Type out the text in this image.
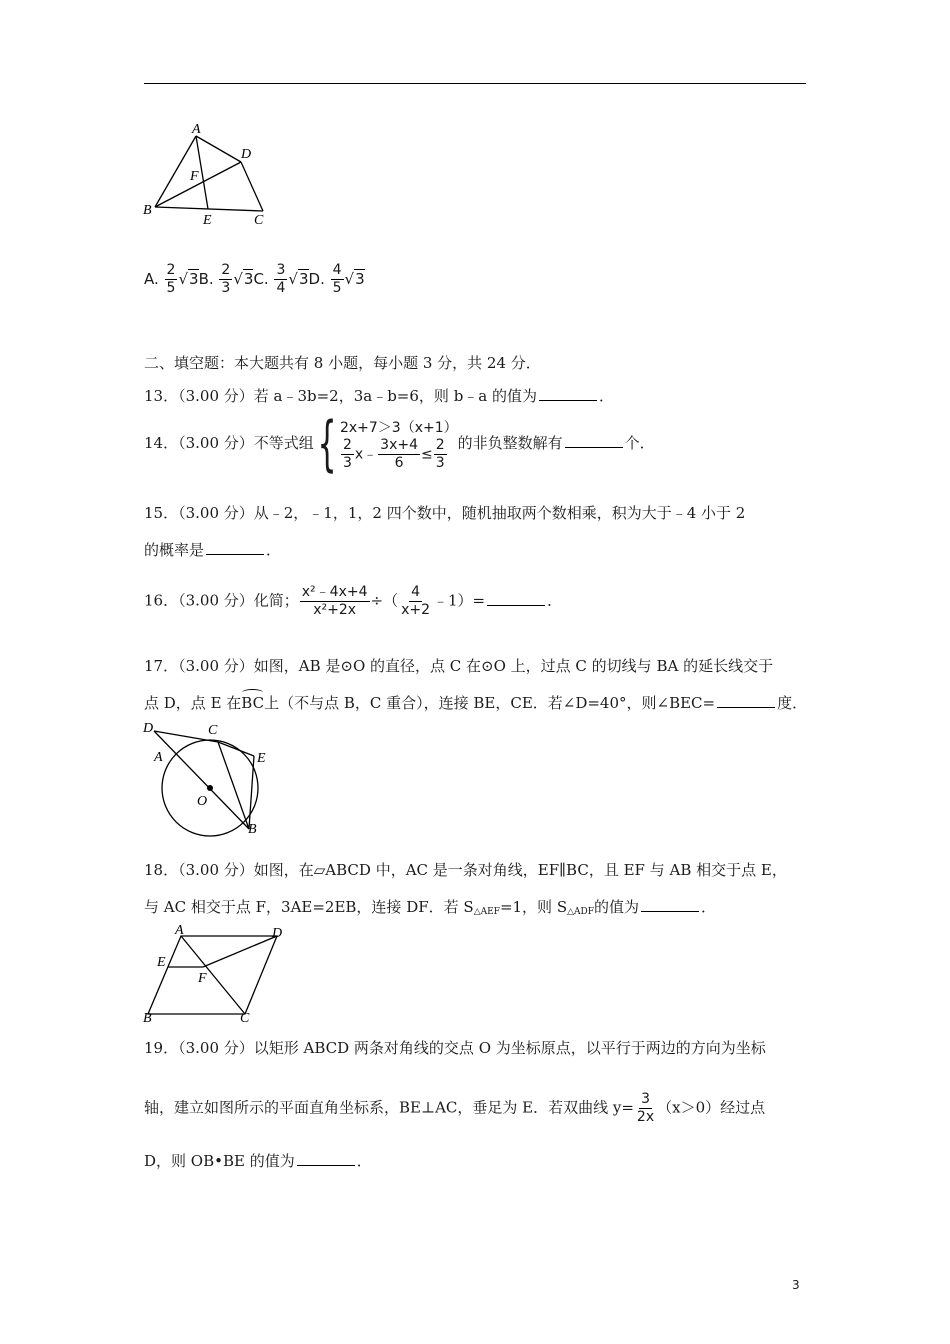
A
D
F
B
E	C
A. $\frac{2}{5} √3B$. $\frac{2}{3} √3C$. $\frac{3}{4} √3D$. $\frac{4}{5} √3$
二、填空题：本大题共有 8 小题，每小题 3 分，共 24 分．
13．（3.00 分）若 a﹣3b=2，3a﹣b=6，则 b﹣a 的值为	．
14．（3.00 分）不等式组{ 2x+7＞3（x+1）
$\frac{2}{3}$ x﹣ $\frac{3x+4}{6} \le \frac{2}{3}$ 的非负整数解有	个．
15．（3.00 分）从﹣2，﹣1，1，2 四个数中，随机抽取两个数相乘，积为大于﹣4 小于 2
的概率是	．
16．（3.00 分）化简； $\frac{\text{x²﹣4x+4}}{\text{x²+2x}}$ ÷（ $\frac{4}{x+2}$ ﹣1）=	．
17．（3.00 分）如图，AB 是⊙O 的直径，点 C 在⊙O 上，过点 C 的切线与 BA 的延长线交于
点 D，点 E 在BC上（不与点 B，C 重合），连接 BE，CE．若∠D=40°，则∠BEC=	度．
D	C
A	E
O
B
18．（3.00 分）如图，在▱ABCD 中，AC 是一条对角线，EF∥BC，且 EF 与 AB 相交于点 E，
与 AC 相交于点 F，3AE=2EB，连接 DF．若 $S_{\triangle AEF}=1$，则 $S_{\triangle ADF}$的值为	．
A	D
E
F
B	C
19．（3.00 分）以矩形 ABCD 两条对角线的交点 O 为坐标原点，以平行于两边的方向为坐标
轴，建立如图所示的平面直角坐标系，BE⊥AC，垂足为 E．若双曲线 $y= \frac{3}{2x} (x>0)$经过点
D，则 OB•BE 的值为	．
3
